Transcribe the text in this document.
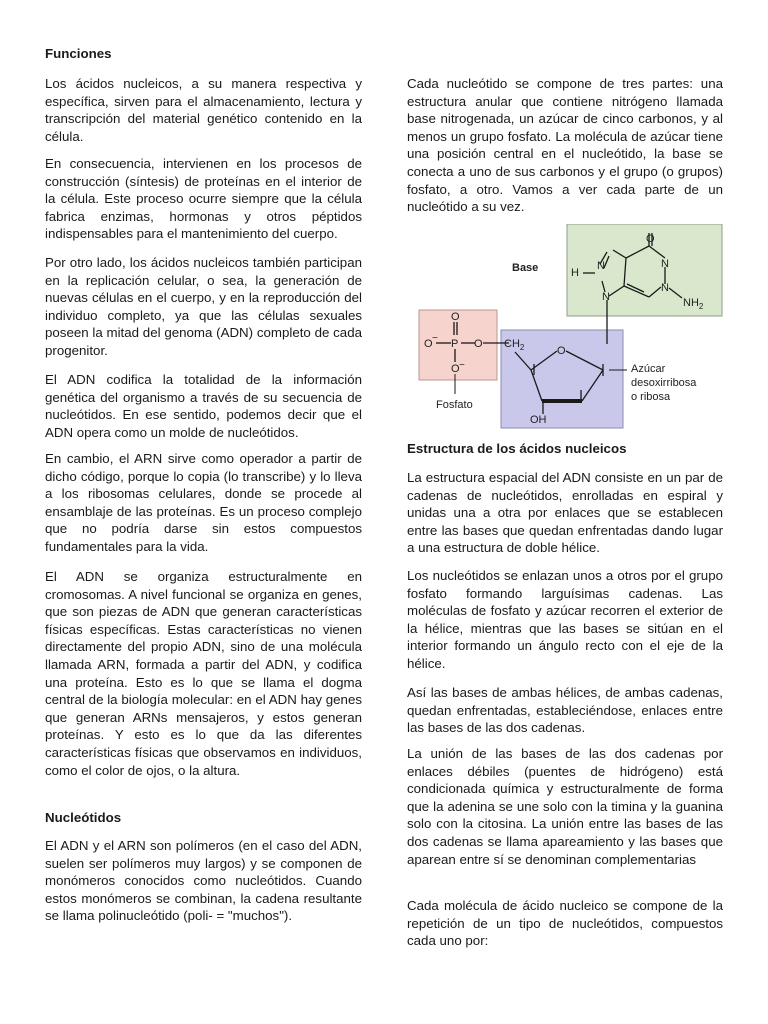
Funciones

Los ácidos nucleicos, a su manera respectiva y específica, sirven para el almacenamiento, lectura y transcripción del material genético contenido en la célula.

En consecuencia, intervienen en los procesos de construcción (síntesis) de proteínas en el interior de la célula. Este proceso ocurre siempre que la célula fabrica enzimas, hormonas y otros péptidos indispensables para el mantenimiento del cuerpo.

Por otro lado, los ácidos nucleicos también participan en la replicación celular, o sea, la generación de nuevas células en el cuerpo, y en la reproducción del individuo completo, ya que las células sexuales poseen la mitad del genoma (ADN) completo de cada progenitor.

El ADN codifica la totalidad de la información genética del organismo a través de su secuencia de nucleótidos. En ese sentido, podemos decir que el ADN opera como un molde de nucleótidos.

En cambio, el ARN sirve como operador a partir de dicho código, porque lo copia (lo transcribe) y lo lleva a los ribosomas celulares, donde se procede al ensamblaje de las proteínas. Es un proceso complejo que no podría darse sin estos compuestos fundamentales para la vida.

El ADN se organiza estructuralmente en cromosomas. A nivel funcional se organiza en genes, que son piezas de ADN que generan características físicas específicas. Estas características no vienen directamente del propio ADN, sino de una molécula llamada ARN, formada a partir del ADN, y codifica una proteína. Esto es lo que se llama el dogma central de la biología molecular: en el ADN hay genes que generan ARNs mensajeros, y estos generan proteínas. Y esto es lo que da las diferentes características físicas que observamos en individuos, como el color de ojos, o la altura.

Nucleótidos

El ADN y el ARN son polímeros (en el caso del ADN, suelen ser polímeros muy largos) y se componen de monómeros conocidos como nucleótidos. Cuando estos monómeros se combinan, la cadena resultante se llama polinucleótido (poli- = "muchos").

Cada nucleótido se compone de tres partes: una estructura anular que contiene nitrógeno llamada base nitrogenada, un azúcar de cinco carbonos, y al menos un grupo fosfato. La molécula de azúcar tiene una posición central en el nucleótido, la base se conecta a uno de sus carbonos y el grupo (o grupos) fosfato, a otro. Vamos a ver cada parte de un nucleótido a su vez.

Estructura de los ácidos nucleicos

La estructura espacial del ADN consiste en un par de cadenas de nucleótidos, enrolladas en espiral y unidas una a otra por enlaces que se establecen entre las bases que quedan enfrentadas dando lugar a una estructura de doble hélice.

Los nucleótidos se enlazan unos a otros por el grupo fosfato formando larguísimas cadenas. Las moléculas de fosfato y azúcar recorren el exterior de la hélice, mientras que las bases se sitúan en el interior formando un ángulo recto con el eje de la hélice.

Así las bases de ambas hélices, de ambas cadenas, quedan enfrentadas, estableciéndose, enlaces entre las bases de las dos cadenas.

La unión de las bases de las dos cadenas por enlaces débiles (puentes de hidrógeno) está condicionada química y estructuralmente de forma que la adenina se une solo con la timina y la guanina solo con la citosina. La unión entre las bases de las dos cadenas se llama apareamiento y las bases que aparean entre sí se denominan complementarias

Cada molécula de ácido nucleico se compone de la repetición de un tipo de nucleótidos, compuestos cada uno por:

O
N
H
N
N
N
$NH_2$
Base
O
O − P O
O −
Fosfato
$CH_2$	O
OH
Azúcar
desoxirribosa
o ribosa
